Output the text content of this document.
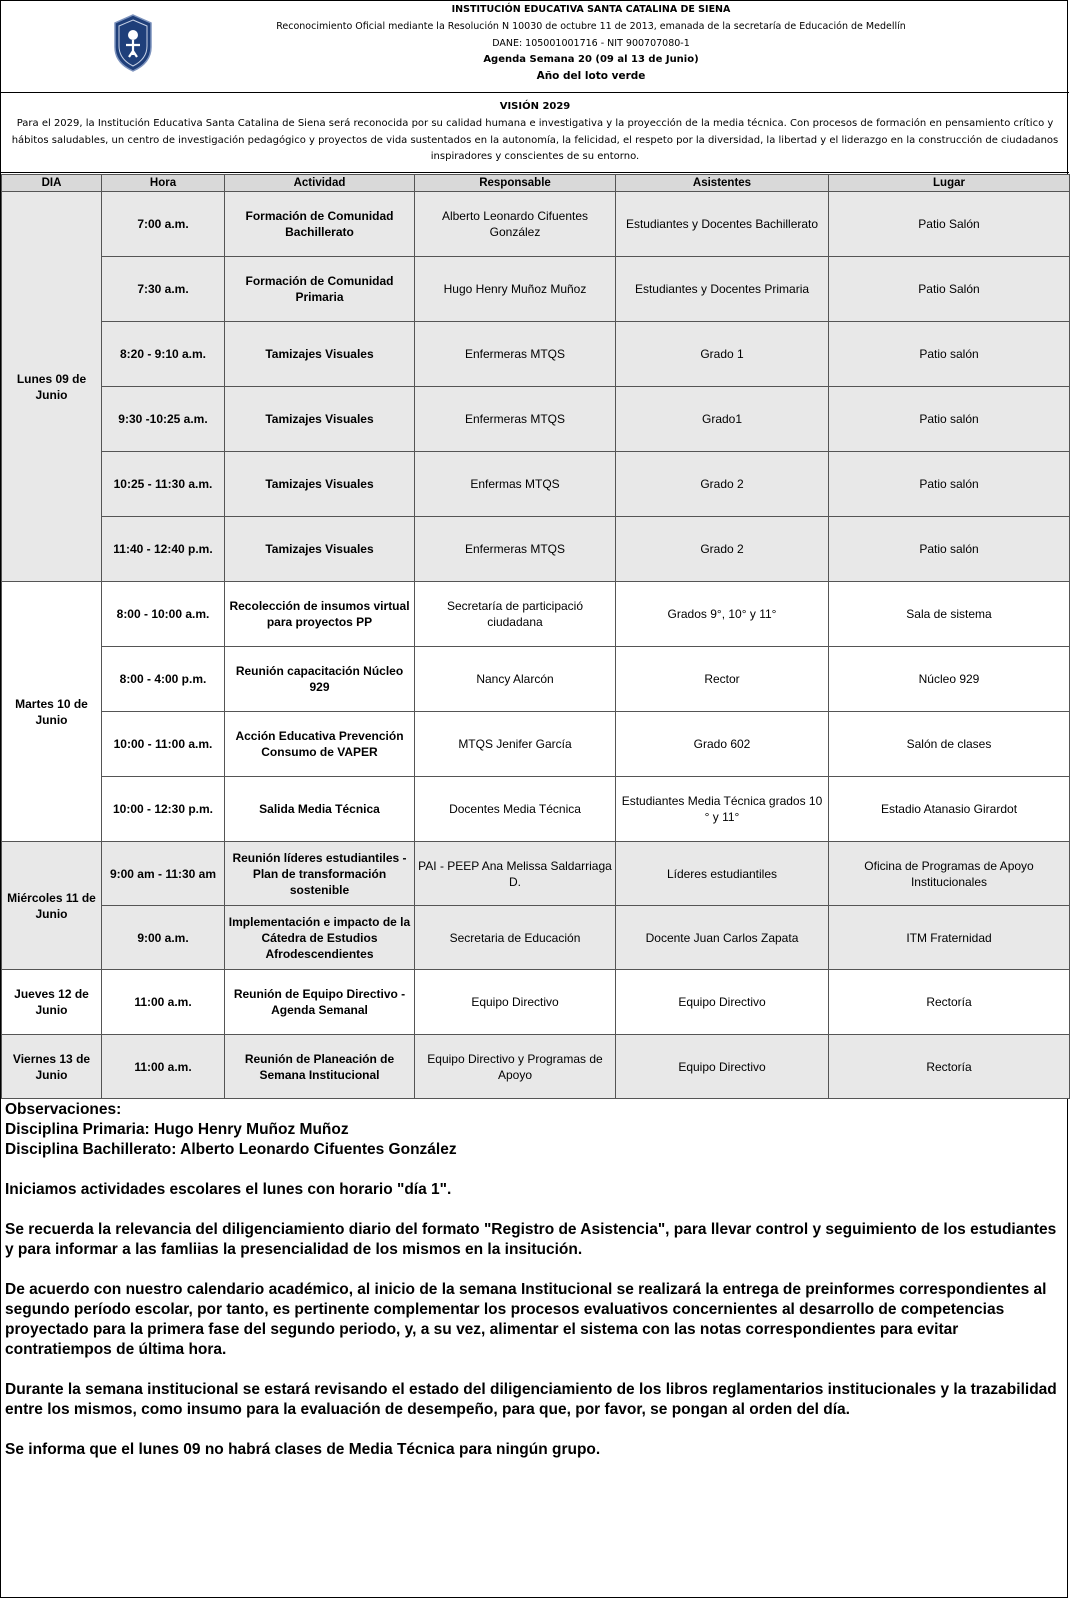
INSTITUCIÓN EDUCATIVA SANTA CATALINA DE SIENA
Reconocimiento Oficial mediante la Resolución N 10030 de octubre 11 de 2013, emanada de la secretaría de Educación de Medellín
DANE: 105001001716 - NIT 900707080-1
Agenda Semana 20 (09 al 13 de Junio)
Año del loto verde
VISIÓN 2029
Para el 2029, la Institución Educativa Santa Catalina de Siena será reconocida por su calidad humana e investigativa y la proyección de la media técnica. Con procesos de formación en pensamiento crítico y hábitos saludables, un centro de investigación pedagógico y proyectos de vida sustentados en la autonomía, la felicidad, el respeto por la diversidad, la libertad y el liderazgo en la construcción de ciudadanos inspiradores y conscientes de su entorno.
DIA	Hora	Actividad	Responsable	Asistentes	Lugar
Lunes 09 de Junio	7:00 a.m.	Formación de Comunidad Bachillerato	Alberto Leonardo Cifuentes González	Estudiantes y Docentes Bachillerato	Patio Salón
	7:30 a.m.	Formación de Comunidad Primaria	Hugo Henry Muñoz Muñoz	Estudiantes y Docentes Primaria	Patio Salón
	8:20 - 9:10 a.m.	Tamizajes Visuales	Enfermeras MTQS	Grado 1	Patio salón
	9:30 -10:25 a.m.	Tamizajes Visuales	Enfermeras MTQS	Grado1	Patio salón
	10:25 - 11:30 a.m.	Tamizajes Visuales	Enfermas MTQS	Grado 2	Patio salón
	11:40 - 12:40 p.m.	Tamizajes Visuales	Enfermeras MTQS	Grado 2	Patio salón
Martes 10 de Junio	8:00 - 10:00 a.m.	Recolección de insumos virtual para proyectos PP	Secretaría de participació ciudadana	Grados 9°, 10° y 11°	Sala de sistema
	8:00 - 4:00 p.m.	Reunión capacitación Núcleo 929	Nancy Alarcón	Rector	Núcleo 929
	10:00 - 11:00 a.m.	Acción Educativa Prevención Consumo de VAPER	MTQS Jenifer García	Grado 602	Salón de clases
	10:00 - 12:30 p.m.	Salida Media Técnica	Docentes Media Técnica	Estudiantes Media Técnica grados 10 ° y 11°	Estadio Atanasio Girardot
Miércoles 11 de Junio	9:00 am - 11:30 am	Reunión líderes estudiantiles - Plan de transformación sostenible	PAI - PEEP Ana Melissa Saldarriaga D.	Líderes estudiantiles	Oficina de Programas de Apoyo Institucionales
	9:00 a.m.	Implementación e impacto de la Cátedra de Estudios Afrodescendientes	Secretaria de Educación	Docente Juan Carlos Zapata	ITM Fraternidad
Jueves 12 de Junio	11:00 a.m.	Reunión de Equipo Directivo - Agenda Semanal	Equipo Directivo	Equipo Directivo	Rectoría
Viernes 13 de Junio	11:00 a.m.	Reunión de Planeación de Semana Institucional	Equipo Directivo y Programas de Apoyo	Equipo Directivo	Rectoría

Observaciones:

Disciplina Primaria: Hugo Henry Muñoz Muñoz

Disciplina Bachillerato: Alberto Leonardo Cifuentes González

Iniciamos actividades escolares el lunes con horario "día 1".

Se recuerda la relevancia del diligenciamiento diario del formato "Registro de Asistencia", para llevar control y seguimiento de los estudiantes y para informar a las famliias la presencialidad de los mismos en la insitución.

De acuerdo con nuestro calendario académico, al inicio de la semana Institucional se realizará la entrega de preinformes correspondientes al segundo período escolar, por tanto, es pertinente complementar los procesos evaluativos concernientes al desarrollo de competencias proyectado para la primera fase del segundo periodo, y, a su vez, alimentar el sistema con las notas correspondientes para evitar contratiempos de última hora.

Durante la semana institucional se estará revisando el estado del diligenciamiento de los libros reglamentarios institucionales y la trazabilidad entre los mismos, como insumo para la evaluación de desempeño, para que, por favor, se pongan al orden del día.

Se informa que el lunes 09 no habrá clases de Media Técnica para ningún grupo.
